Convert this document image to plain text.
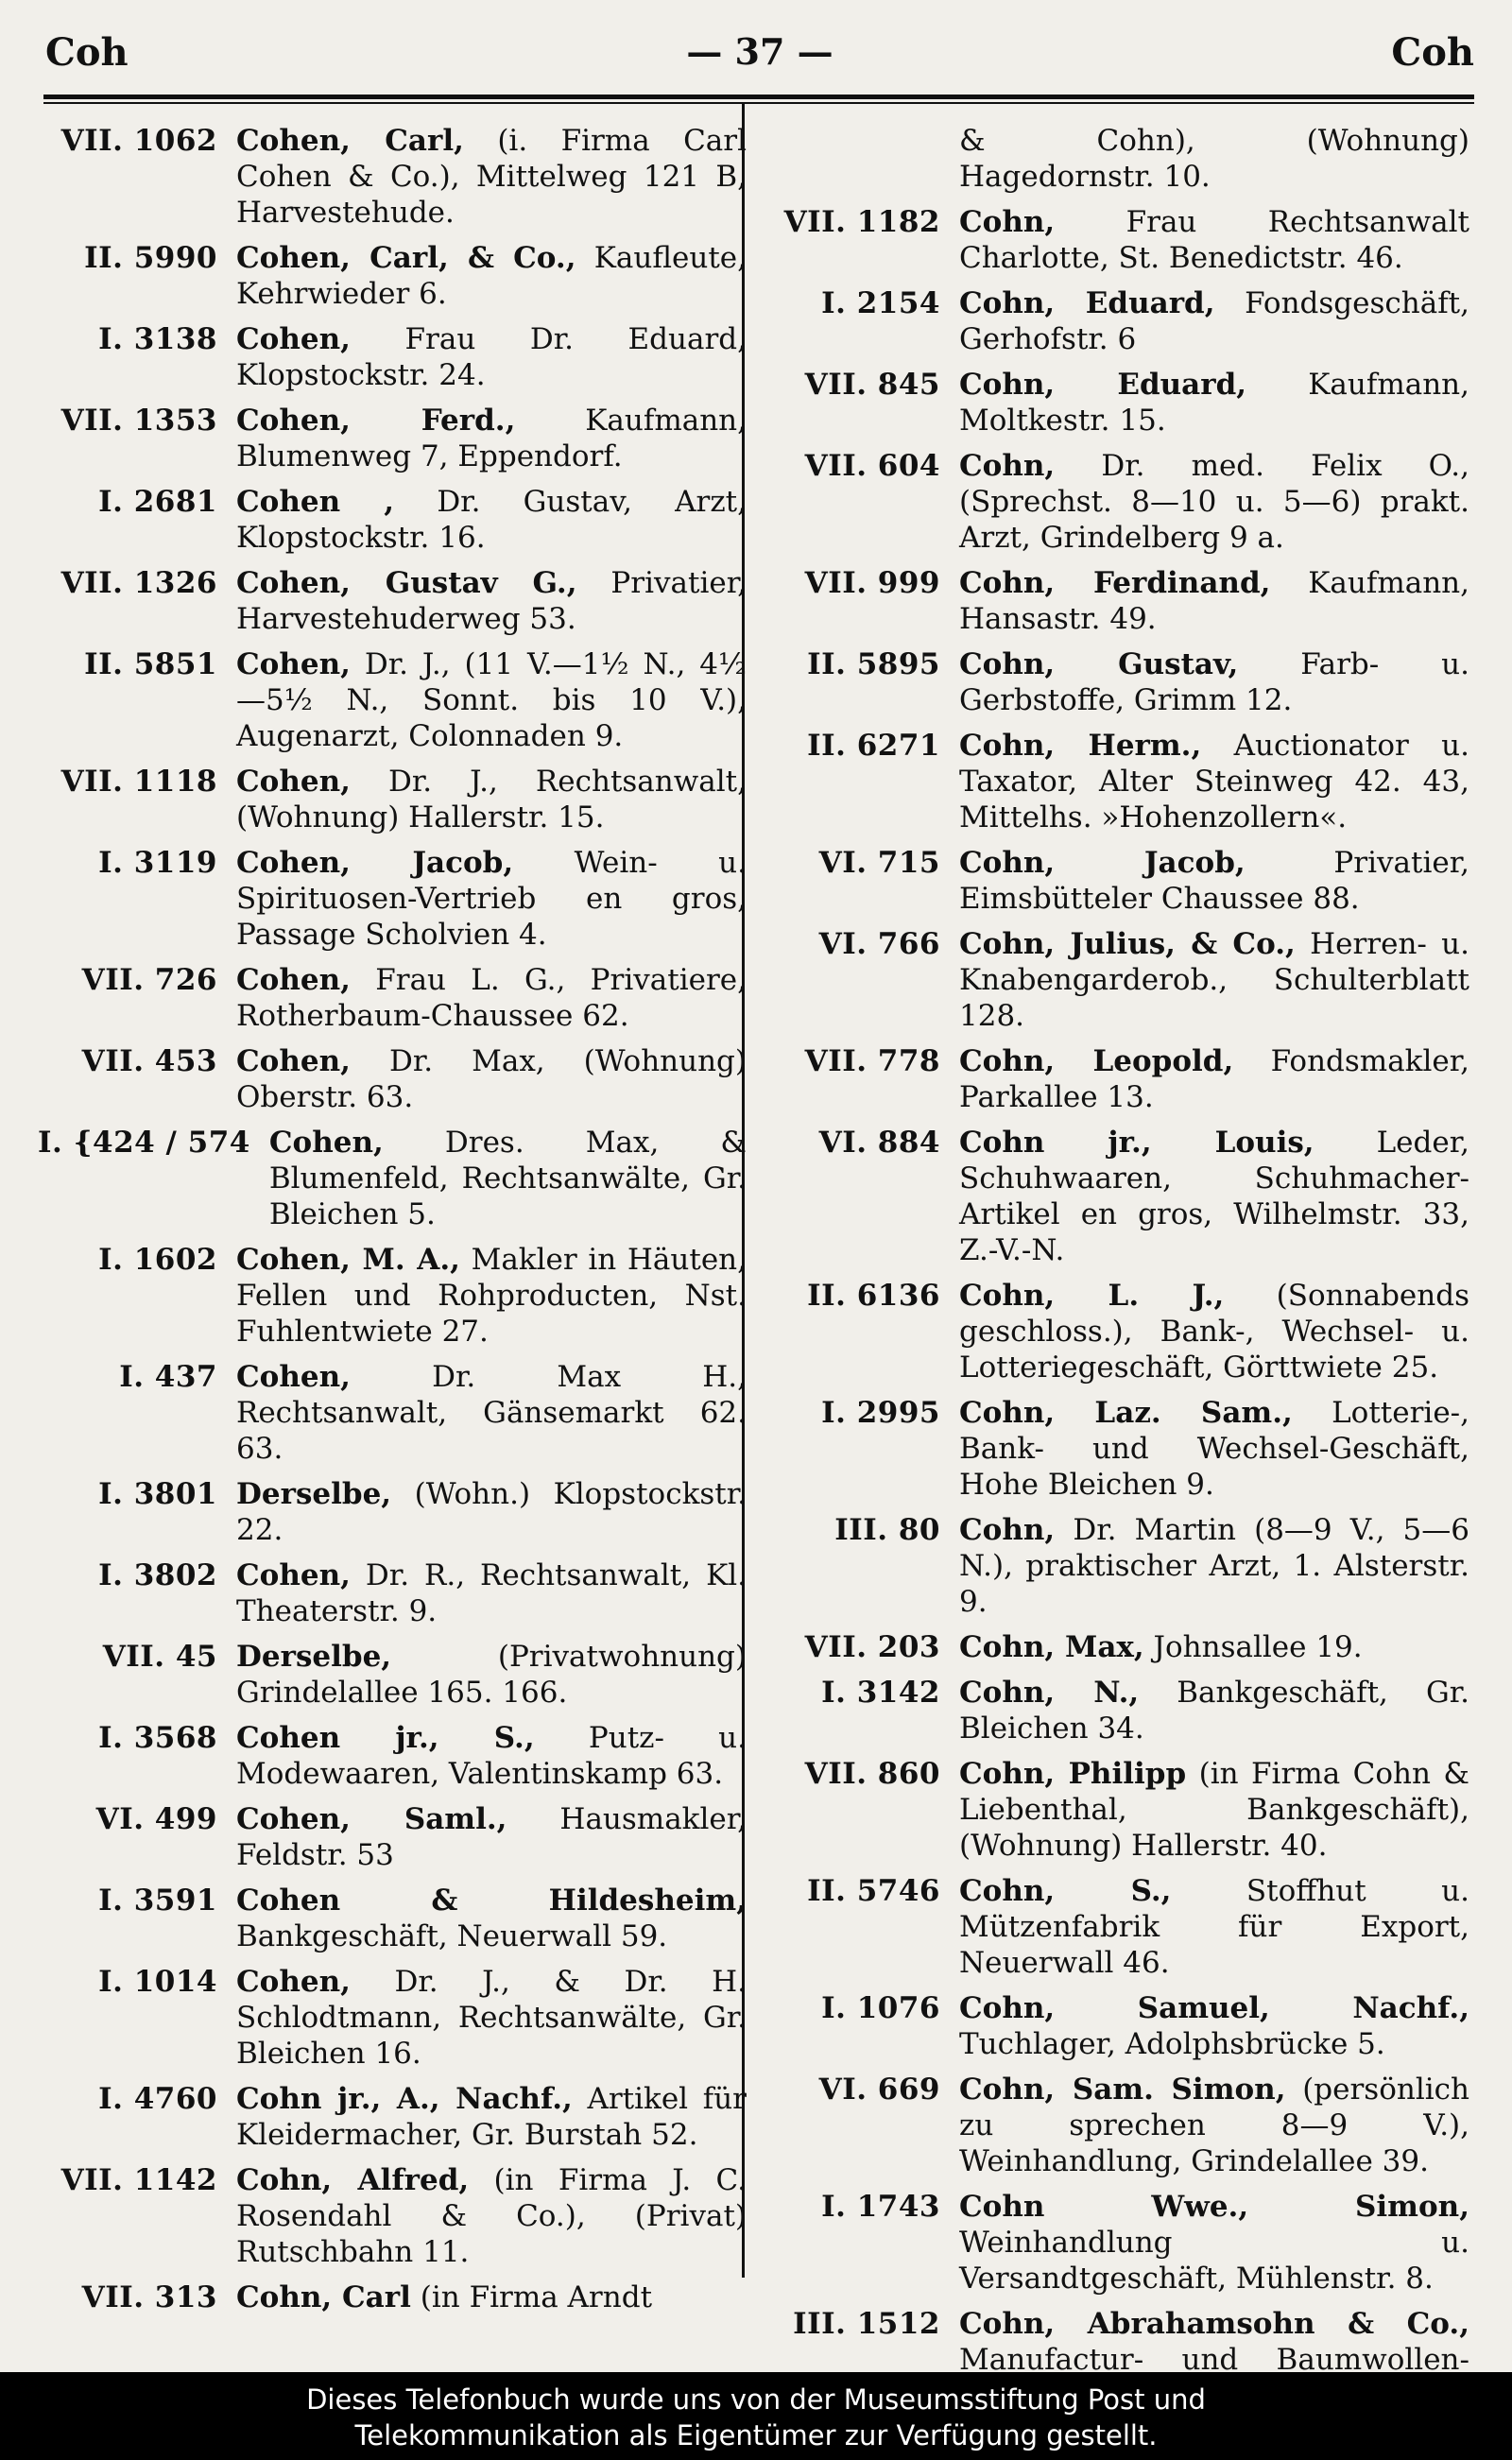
Coh	— 37 —	Coh
VII. 1062 Cohen, Carl, (i. Firma Carl Cohen & Co.), Mittelweg 121 B, Harvestehude.
II. 5990 Cohen, Carl, & Co., Kaufleute, Kehrwieder 6.
I. 3138 Cohen, Frau Dr. Eduard, Klopstockstr. 24.
VII. 1353 Cohen, Ferd., Kaufmann, Blumenweg 7, Eppendorf.
I. 2681 Cohen , Dr. Gustav, Arzt, Klopstockstr. 16.
VII. 1326 Cohen, Gustav G., Privatier, Harvestehuderweg 53.
II. 5851 Cohen, Dr. J., (11 V.—1½ N., 4½—5½ N., Sonnt. bis 10 V.), Augenarzt, Colonnaden 9.
VII. 1118 Cohen, Dr. J., Rechtsanwalt, (Wohnung) Hallerstr. 15.
I. 3119 Cohen, Jacob, Wein- u. Spirituosen-Vertrieb en gros, Passage Scholvien 4.
VII. 726 Cohen, Frau L. G., Privatiere, Rotherbaum-Chaussee 62.
VII. 453 Cohen, Dr. Max, (Wohnung) Oberstr. 63.
I. {424 / 574 Cohen, Dres. Max, & Blumenfeld, Rechtsanwälte, Gr. Bleichen 5.
I. 1602 Cohen, M. A., Makler in Häuten, Fellen und Rohproducten, Nst. Fuhlentwiete 27.
I. 437 Cohen, Dr. Max H., Rechtsanwalt, Gänsemarkt 62. 63.
I. 3801 Derselbe, (Wohn.) Klopstockstr. 22.
I. 3802 Cohen, Dr. R., Rechtsanwalt, Kl. Theaterstr. 9.
VII. 45 Derselbe, (Privatwohnung) Grindelallee 165. 166.
I. 3568 Cohen jr., S., Putz- u. Modewaaren, Valentinskamp 63.
VI. 499 Cohen, Saml., Hausmakler, Feldstr. 53
I. 3591 Cohen & Hildesheim, Bankgeschäft, Neuerwall 59.
I. 1014 Cohen, Dr. J., & Dr. H. Schlodtmann, Rechtsanwälte, Gr. Bleichen 16.
I. 4760 Cohn jr., A., Nachf., Artikel für Kleidermacher, Gr. Burstah 52.
VII. 1142 Cohn, Alfred, (in Firma J. C. Rosendahl & Co.), (Privat) Rutschbahn 11.
VII. 313 Cohn, Carl (in Firma Arndt
& Cohn), (Wohnung) Hagedornstr. 10.
VII. 1182 Cohn, Frau Rechtsanwalt Charlotte, St. Benedictstr. 46.
I. 2154 Cohn, Eduard, Fondsgeschäft, Gerhofstr. 6
VII. 845 Cohn, Eduard, Kaufmann, Moltkestr. 15.
VII. 604 Cohn, Dr. med. Felix O., (Sprechst. 8—10 u. 5—6) prakt. Arzt, Grindelberg 9 a.
VII. 999 Cohn, Ferdinand, Kaufmann, Hansastr. 49.
II. 5895 Cohn, Gustav, Farb- u. Gerbstoffe, Grimm 12.
II. 6271 Cohn, Herm., Auctionator u. Taxator, Alter Steinweg 42. 43, Mittelhs. »Hohenzollern«.
VI. 715 Cohn, Jacob, Privatier, Eimsbütteler Chaussee 88.
VI. 766 Cohn, Julius, & Co., Herren- u. Knabengarderob., Schulterblatt 128.
VII. 778 Cohn, Leopold, Fondsmakler, Parkallee 13.
VI. 884 Cohn jr., Louis, Leder, Schuhwaaren, Schuhmacher-Artikel en gros, Wilhelmstr. 33, Z.-V.-N.
II. 6136 Cohn, L. J., (Sonnabends geschloss.), Bank-, Wechsel- u. Lotteriegeschäft, Görttwiete 25.
I. 2995 Cohn, Laz. Sam., Lotterie-, Bank- und Wechsel-Geschäft, Hohe Bleichen 9.
III. 80 Cohn, Dr. Martin (8—9 V., 5—6 N.), praktischer Arzt, 1. Alsterstr. 9.
VII. 203 Cohn, Max, Johnsallee 19.
I. 3142 Cohn, N., Bankgeschäft, Gr. Bleichen 34.
VII. 860 Cohn, Philipp (in Firma Cohn & Liebenthal, Bankgeschäft), (Wohnung) Hallerstr. 40.
II. 5746 Cohn, S., Stoffhut u. Mützenfabrik für Export, Neuerwall 46.
I. 1076 Cohn, Samuel, Nachf., Tuchlager, Adolphsbrücke 5.
VI. 669 Cohn, Sam. Simon, (persönlich zu sprechen 8—9 V.), Weinhandlung, Grindelallee 39.
I. 1743 Cohn Wwe., Simon, Weinhandlung u. Versandtgeschäft, Mühlenstr. 8.
III. 1512 Cohn, Abrahamsohn & Co., Manufactur- und Baumwollen-
Dieses Telefonbuch wurde uns von der Museumsstiftung Post und
Telekommunikation als Eigentümer zur Verfügung gestellt.
